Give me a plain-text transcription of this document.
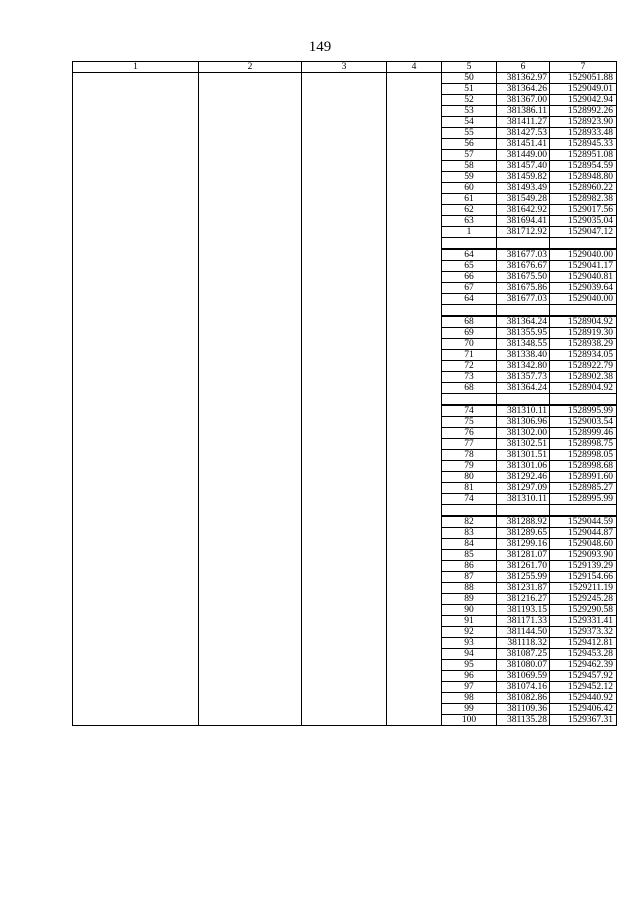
149
1	2	3	4	5	6	7
				50	381362.97	1529051.88
				51	381364.26	1529049.01
				52	381367.00	1529042.94
				53	381386.11	1528992.26
				54	381411.27	1528923.90
				55	381427.53	1528933.48
				56	381451.41	1528945.33
				57	381449.00	1528951.08
				58	381457.40	1528954.59
				59	381459.82	1528948.80
				60	381493.49	1528960.22
				61	381549.28	1528982.38
				62	381642.92	1529017.56
				63	381694.41	1529035.04
				1	381712.92	1529047.12

				64	381677.03	1529040.00
				65	381676.67	1529041.17
				66	381675.50	1529040.81
				67	381675.86	1529039.64
				64	381677.03	1529040.00

				68	381364.24	1528904.92
				69	381355.95	1528919.30
				70	381348.55	1528938.29
				71	381338.40	1528934.05
				72	381342.80	1528922.79
				73	381357.73	1528902.38
				68	381364.24	1528904.92

				74	381310.11	1528995.99
				75	381306.96	1529003.54
				76	381302.00	1528999.46
				77	381302.51	1528998.75
				78	381301.51	1528998.05
				79	381301.06	1528998.68
				80	381292.46	1528991.60
				81	381297.09	1528985.27
				74	381310.11	1528995.99

				82	381288.92	1529044.59
				83	381289.65	1529044.87
				84	381299.16	1529048.60
				85	381281.07	1529093.90
				86	381261.70	1529139.29
				87	381255.99	1529154.66
				88	381231.87	1529211.19
				89	381216.27	1529245.28
				90	381193.15	1529290.58
				91	381171.33	1529331.41
				92	381144.50	1529373.32
				93	381118.32	1529412.81
				94	381087.25	1529453.28
				95	381080.07	1529462.39
				96	381069.59	1529457.92
				97	381074.16	1529452.12
				98	381082.86	1529440.92
				99	381109.36	1529406.42
				100	381135.28	1529367.31
